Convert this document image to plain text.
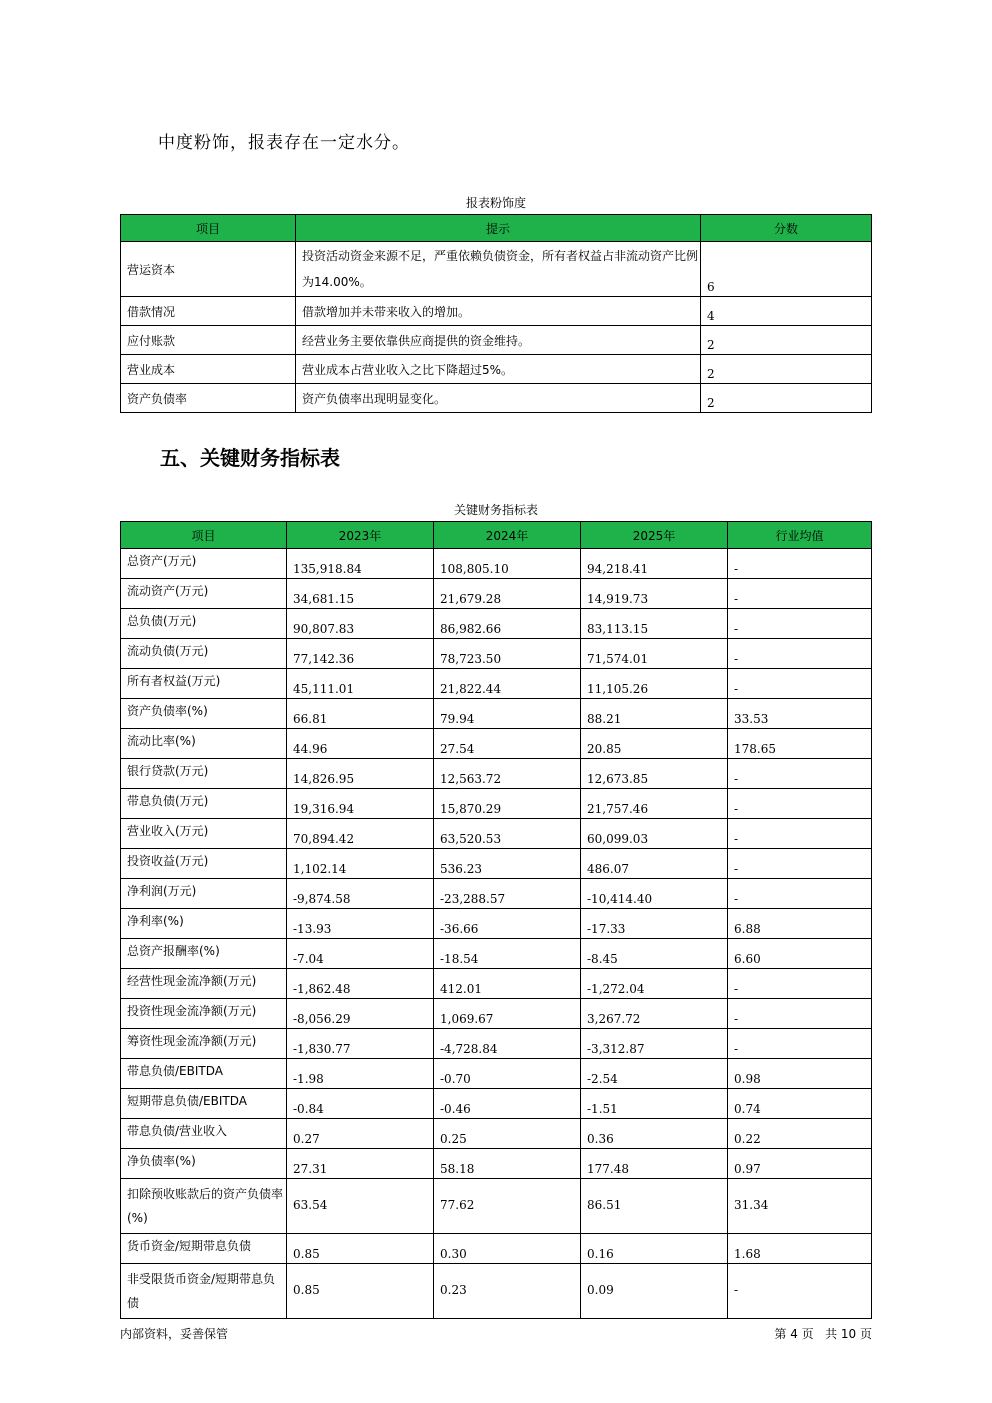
中度粉饰，报表存在一定水分。
报表粉饰度
项目	提示	分数
营运资本	投资活动资金来源不足，严重依赖负债资金，所有者权益占非流动资产比例为14.00%。	6
借款情况	借款增加并未带来收入的增加。	4
应付账款	经营业务主要依靠供应商提供的资金维持。	2
营业成本	营业成本占营业收入之比下降超过5%。	2
资产负债率	资产负债率出现明显变化。	2
五、关键财务指标表
关键财务指标表
项目	2023年	2024年	2025年	行业均值
总资产(万元)	135,918.84	108,805.10	94,218.41	-
流动资产(万元)	34,681.15	21,679.28	14,919.73	-
总负债(万元)	90,807.83	86,982.66	83,113.15	-
流动负债(万元)	77,142.36	78,723.50	71,574.01	-
所有者权益(万元)	45,111.01	21,822.44	11,105.26	-
资产负债率(%)	66.81	79.94	88.21	33.53
流动比率(%)	44.96	27.54	20.85	178.65
银行贷款(万元)	14,826.95	12,563.72	12,673.85	-
带息负债(万元)	19,316.94	15,870.29	21,757.46	-
营业收入(万元)	70,894.42	63,520.53	60,099.03	-
投资收益(万元)	1,102.14	536.23	486.07	-
净利润(万元)	-9,874.58	-23,288.57	-10,414.40	-
净利率(%)	-13.93	-36.66	-17.33	6.88
总资产报酬率(%)	-7.04	-18.54	-8.45	6.60
经营性现金流净额(万元)	-1,862.48	412.01	-1,272.04	-
投资性现金流净额(万元)	-8,056.29	1,069.67	3,267.72	-
筹资性现金流净额(万元)	-1,830.77	-4,728.84	-3,312.87	-
带息负债/EBITDA	-1.98	-0.70	-2.54	0.98
短期带息负债/EBITDA	-0.84	-0.46	-1.51	0.74
带息负债/营业收入	0.27	0.25	0.36	0.22
净负债率(%)	27.31	58.18	177.48	0.97
扣除预收账款后的资产负债率(%)	63.54	77.62	86.51	31.34
货币资金/短期带息负债	0.85	0.30	0.16	1.68
非受限货币资金/短期带息负债	0.85	0.23	0.09	-
内部资料，妥善保管	第 4 页   共 10 页
